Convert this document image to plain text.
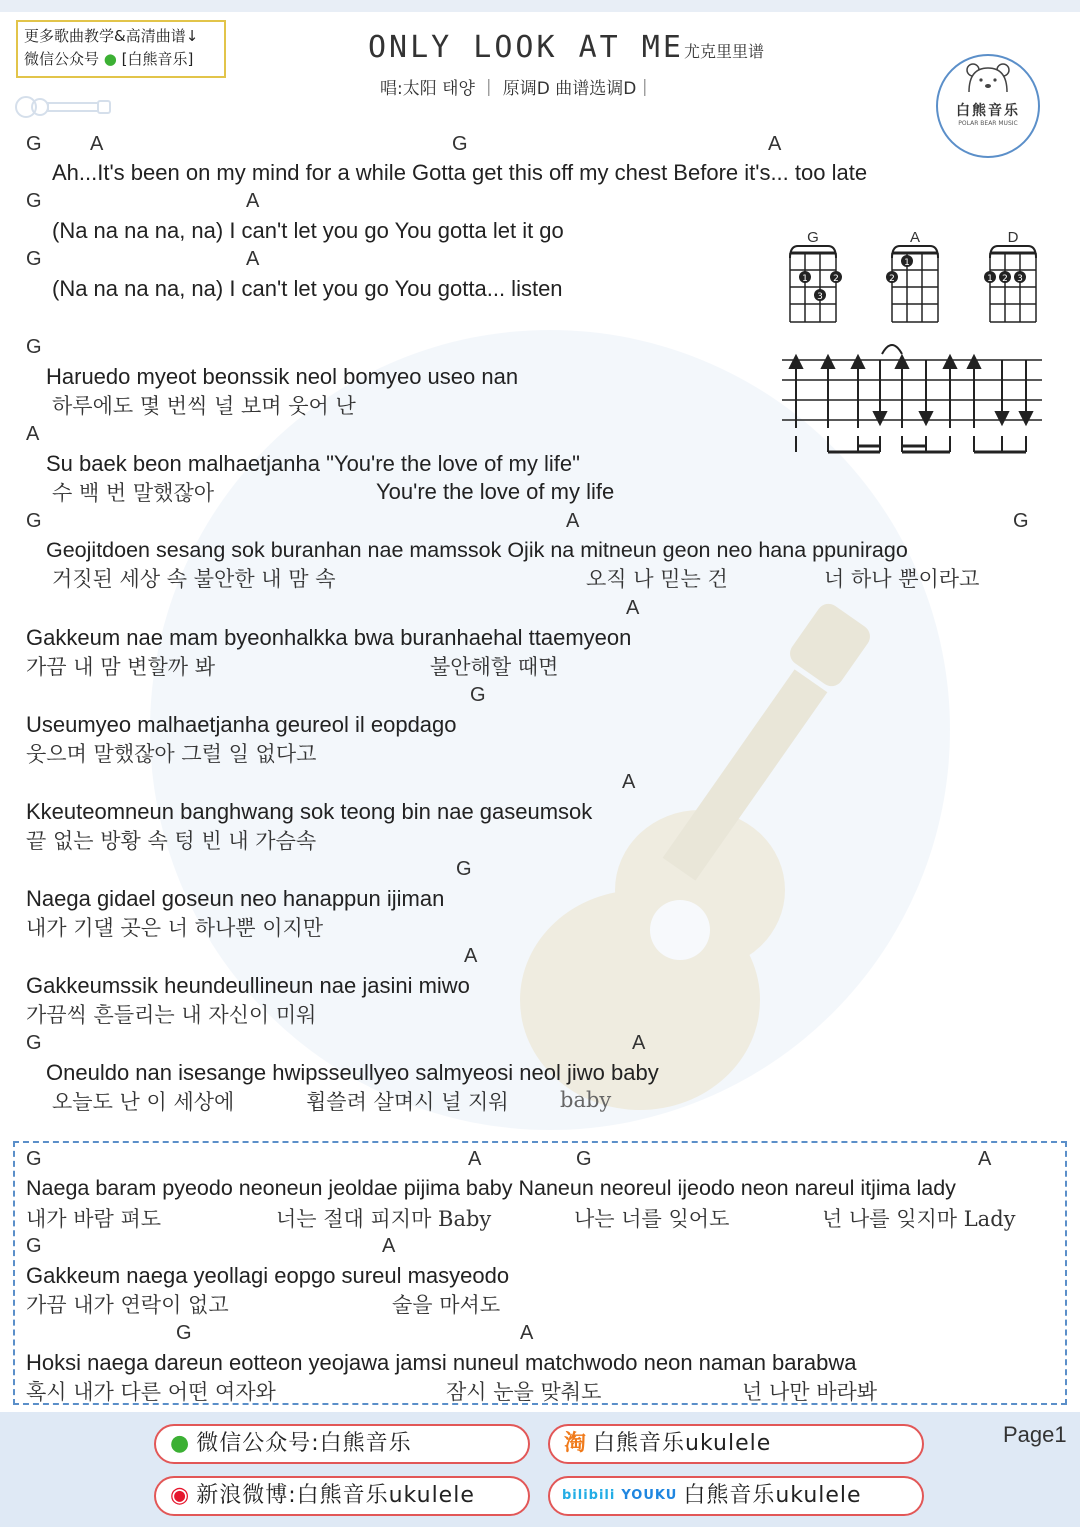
更多歌曲教学&高清曲谱↓
微信公众号 ● [白熊音乐]	ONLY LOOK AT ME尤克里里谱
唱:太阳 태양 ｜ 原调D 曲谱选调D｜
白熊音乐
POLAR BEAR MUSIC
G A	G	A
Ah...It's been on my mind for a while Gotta get this off my chest Before it's... too late
G	A
(Na na na na, na) I can't let you go You gotta let it go
G	A
(Na na na na, na) I can't let you go You gotta... listen
G
Haruedo myeot beonssik neol bomyeo useo nan
하루에도 몇 번씩 널 보며 웃어 난
A
Su baek beon malhaetjanha "You're the love of my life"
수 백 번 말했잖아	You're the love of my life
G	A	G
Geojitdoen sesang sok buranhan nae mamssok Ojik na mitneun geon neo hana ppunirago
거짓된 세상 속 불안한 내 맘 속	오직 나 믿는 건	너 하나 뿐이라고
A
Gakkeum nae mam byeonhalkka bwa buranhaehal ttaemyeon
가끔 내 맘 변할까 봐	불안해할 때면
G
Useumyeo malhaetjanha geureol il eopdago
웃으며 말했잖아 그럴 일 없다고
A
Kkeuteomneun banghwang sok teong bin nae gaseumsok
끝 없는 방황 속 텅 빈 내 가슴속
G
Naega gidael goseun neo hanappun ijiman
내가 기댈 곳은 너 하나뿐 이지만
A
Gakkeumssik heundeullineun nae jasini miwo
가끔씩 흔들리는 내 자신이 미워
G	A
Oneuldo nan isesange hwipsseullyeo salmyeosi neol jiwo baby
오늘도 난 이 세상에	휩쓸려 살며시 널 지워 baby
G
1	2
3
A
1
2
D
1 2 3
G	A	G	A
Naega baram pyeodo neoneun jeoldae pijima baby Naneun neoreul ijeodo neon nareul itjima lady
내가 바람 펴도	너는 절대 피지마 Baby	나는 너를 잊어도	넌 나를 잊지마 Lady
G	A
Gakkeum naega yeollagi eopgo sureul masyeodo
가끔 내가 연락이 없고	술을 마셔도
G	A
Hoksi naega dareun eotteon yeojawa jamsi nuneul matchwodo neon naman barabwa
혹시 내가 다른 어떤 여자와	잠시 눈을 맞춰도	넌 나만 바라봐
● 微信公众号:白熊音乐	淘 白熊音乐ukulele
◉ 新浪微博:白熊音乐ukulele	bilibili YOUKU 白熊音乐ukulele
Page1
